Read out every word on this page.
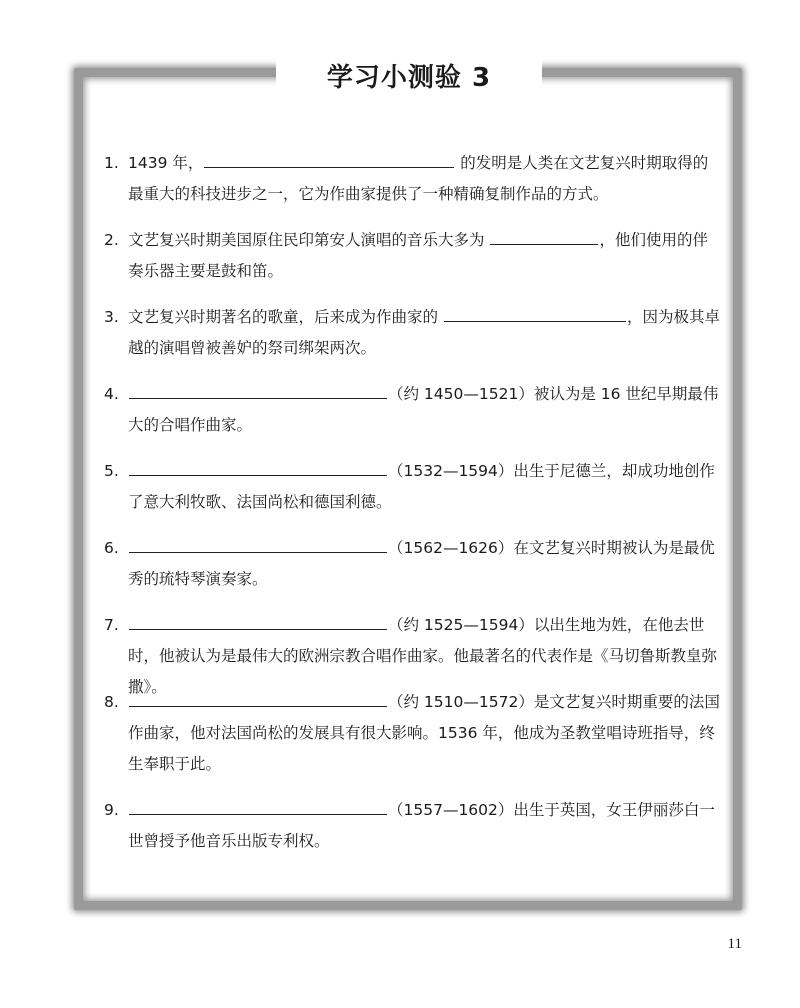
学习小测验 3
1. 1439 年，	的发明是人类在文艺复兴时期取得的最重大的科技进步之一，它为作曲家提供了一种精确复制作品的方式。
2. 文艺复兴时期美国原住民印第安人演唱的音乐大多为	，他们使用的伴奏乐器主要是鼓和笛。
3. 文艺复兴时期著名的歌童，后来成为作曲家的	，因为极其卓越的演唱曾被善妒的祭司绑架两次。
4.	（约 1450—1521）被认为是 16 世纪早期最伟大的合唱作曲家。
5.	（1532—1594）出生于尼德兰，却成功地创作了意大利牧歌、法国尚松和德国利德。
6.	（1562—1626）在文艺复兴时期被认为是最优秀的琉特琴演奏家。
7.	（约 1525—1594）以出生地为姓，在他去世时，他被认为是最伟大的欧洲宗教合唱作曲家。他最著名的代表作是《马切鲁斯教皇弥撒》。
8.	（约 1510—1572）是文艺复兴时期重要的法国作曲家，他对法国尚松的发展具有很大影响。1536 年，他成为圣教堂唱诗班指导，终生奉职于此。
9.	（1557—1602）出生于英国，女王伊丽莎白一世曾授予他音乐出版专利权。
11
